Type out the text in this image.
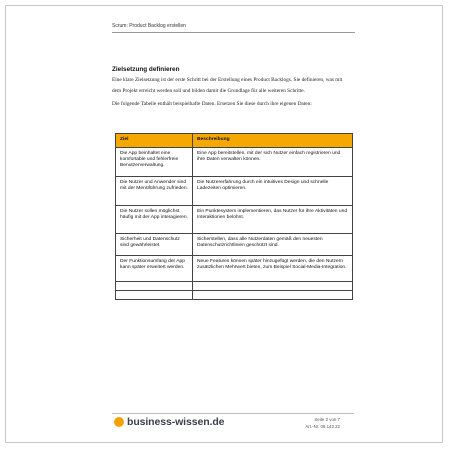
Scrum: Product Backlog erstellen
Zielsetzung definieren

Eine klare Zielsetzung ist der erste Schritt bei der Erstellung eines Product Backlogs. Sie definieren, was mit dem Projekt erreicht werden soll und bilden damit die Grundlage für alle weiteren Schritte.

Die folgende Tabelle enthält beispielhafte Daten. Ersetzen Sie diese durch ihre eigenen Daten:

Ziel	Beschreibung
Die App beinhaltet eine komfortable und fehlerfreie Benutzerverwaltung.	Eine App bereitstellen, mit der sich Nutzer einfach registrieren und ihre Daten verwalten können.
Die Nutzer und Anwender sind mit der Menüführung zufrieden.	Die Nutzererfahrung durch ein intuitives Design und schnelle Ladezeiten optimieren.
Die Nutzer sollen möglichst häufig mit der App interagieren.	Ein Punktesystem implementieren, das Nutzer für ihre Aktivitäten und Interaktionen belohnt.
Sicherheit und Datenschutz sind gewährleistet.	Sicherstellen, dass alle Nutzerdaten gemäß den neuesten Datenschutzrichtlinien geschützt sind.
Der Funktionsumfang der App kann später erweitert werden.	Neue Features können später hinzugefügt werden, die den Nutzern zusätzlichen Mehrwert bieten, zum Beispiel Social-Media-Integration.

business-wissen.de	Seite 2 von 7
Art.-Nr. 09.143.22
